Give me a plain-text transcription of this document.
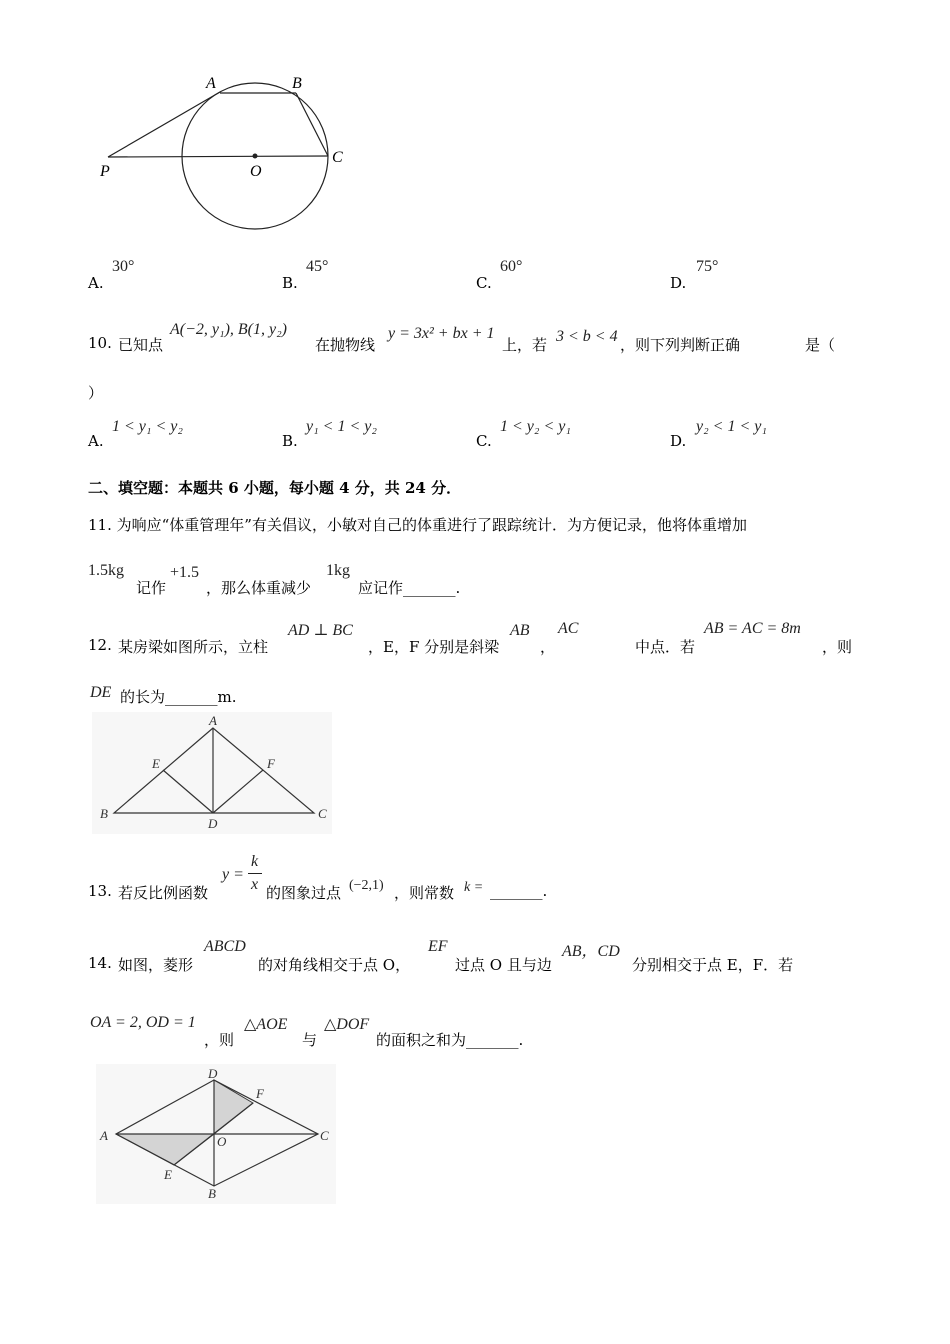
A	B
C
P	O
A.
30°
B.
45°
C.
60°
D.
75°
10. 已知点
A(−2, y₁), B(1, y₂)
在抛物线
y = 3x² + bx + 1
上，若 3 < b < 4 ，则下列判断正确	是（
）
A.
1 < y₁ < y₂
B.
y₁ < 1 < y₂
C.
1 < y₂ < y₁
D.
y₂ < 1 < y₁
二、填空题：本题共 6 小题，每小题 4 分，共 24 分．
11. 为响应“体重管理年”有关倡议，小敏对自己的体重进行了跟踪统计．为方便记录，他将体重增加
1.5kg
记作
+1.5
，那么体重减少
1kg
应记作_______.
12. 某房梁如图所示，立柱
AD ⊥ BC
，E，F 分别是斜梁
AB
，
AC
中点．若
AB = AC = 8m
，则
DE 的长为_______m.
A
E	F
B
D
C
13. 若反比例函数
y =
k
x 的图象过点 (−2,1) ，则常数 k = _______.
14. 如图，菱形
ABCD
的对角线相交于点 O，
EF
过点 O 且与边
AB，CD
分别相交于点 E，F．若
OA = 2, OD = 1
，则
△AOE
与
△DOF
的面积之和为_______.
D
F
A	O	C
E
B
